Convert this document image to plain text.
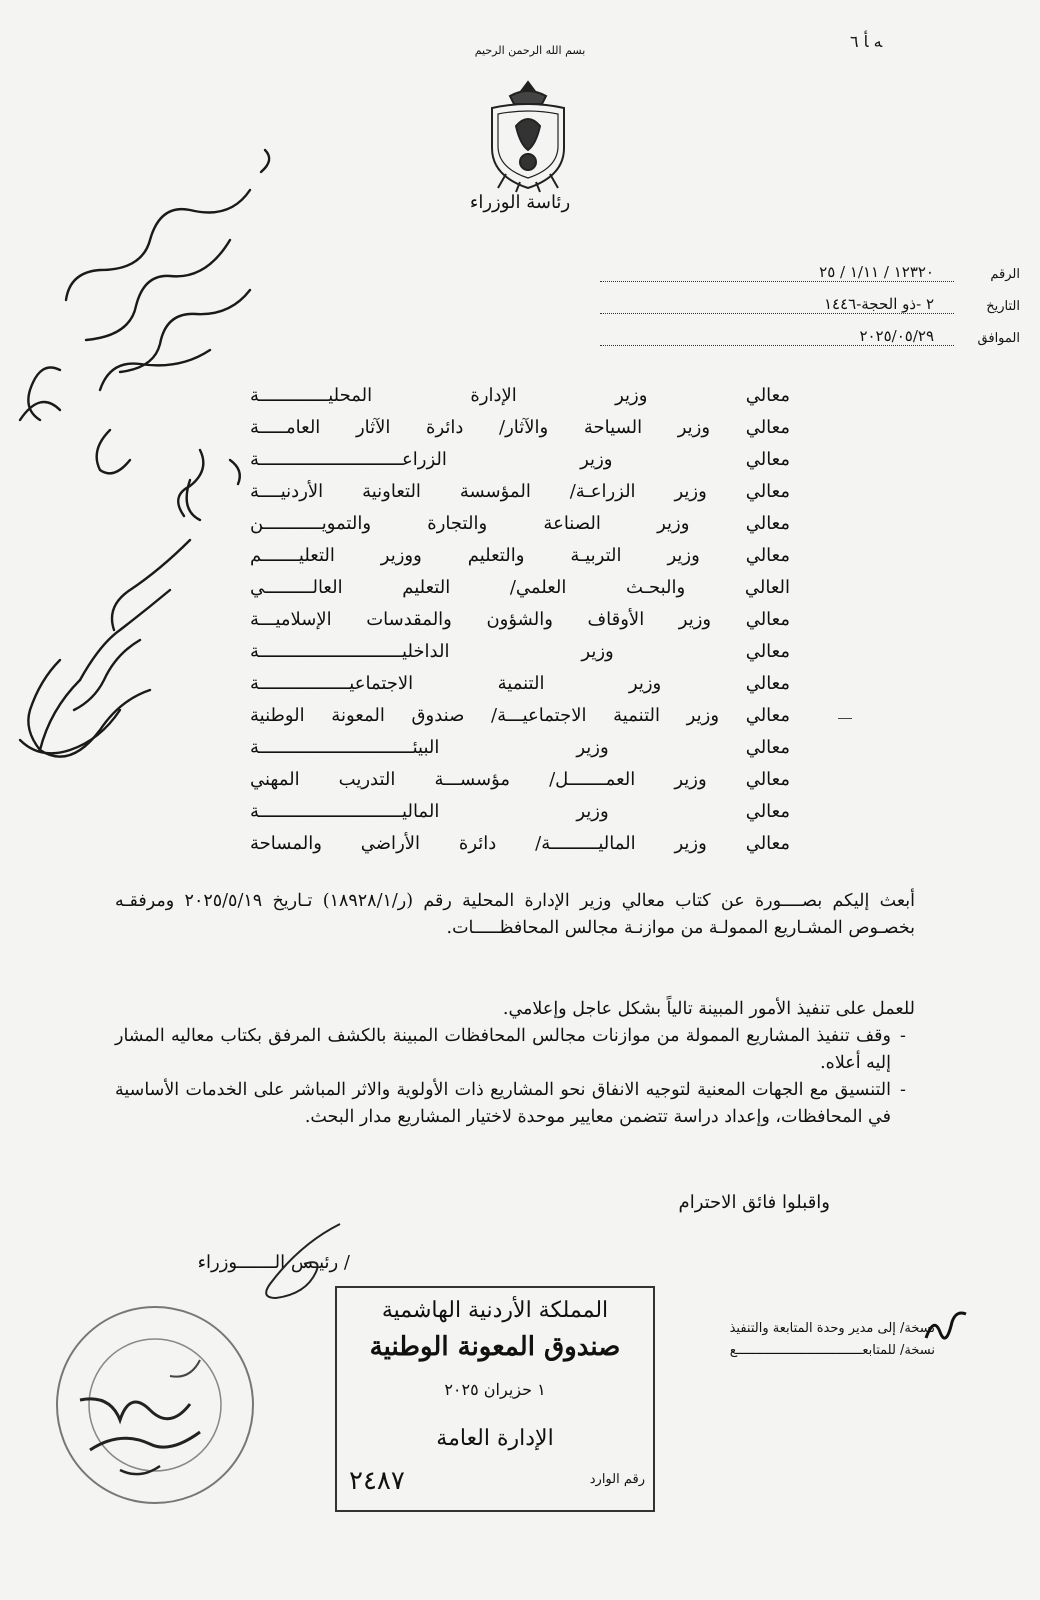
بسم الله الرحمن الرحيم
رئاسة الوزراء
ﻪ ﺄ ٦
الرقم
١٢٣٢٠ / ١/١١ / ٢٥
التاريخ
٢ -ذو الحجة-١٤٤٦
الموافق
٢٠٢٥/٠٥/٢٩
معالي وزير الإدارة المحليـــــــــــــة
معالي وزير السياحة والآثار/ دائرة الآثار العامـــــة
معالي وزير الزراعـــــــــــــــــــــــــــة
معالي وزير الزراعـة/ المؤسسة التعاونية الأردنيــــة
معالي وزير الصناعة والتجارة والتمويـــــــــــن
معالي وزير التربيـة والتعليم ووزير التعليـــــــم
العالي والبحـث العلمي/ التعليم العالـــــــــي
معالي وزير الأوقاف والشؤون والمقدسات الإسلاميـــة
معالي وزير الداخليـــــــــــــــــــــــــــة
معالي وزير التنمية الاجتماعيـــــــــــــــــة
معالي وزير التنمية الاجتماعيـــة/ صندوق المعونة الوطنية
معالي وزير البيئـــــــــــــــــــــــــــــة
معالي وزير العمـــــــل/ مؤسســـة التدريب المهني
معالي وزير الماليـــــــــــــــــــــــــــة
معالي وزير الماليـــــــــة/ دائرة الأراضي والمساحة
أبعث إليكم بصــــورة عن كتاب معالي وزير الإدارة المحلية رقم (ر/١٨٩٢٨/١) تـاريخ ٢٠٢٥/٥/١٩ ومرفقـه بخصـوص المشـاريع الممولـة من موازنـة مجالس المحافظـــــات.
للعمل على تنفيذ الأمور المبينة تالياً بشكل عاجل وإعلامي.
-
وقف تنفيذ المشاريع الممولة من موازنات مجالس المحافظات المبينة بالكشف المرفق بكتاب معاليه المشار إليه أعلاه.
-
التنسيق مع الجهات المعنية لتوجيه الانفاق نحو المشاريع ذات الأولوية والاثر المباشر على الخدمات الأساسية في المحافظات، وإعداد دراسة تتضمن معايير موحدة لاختيار المشاريع مدار البحث.
واقبلوا فائق الاحترام
/ رئيـس الـــــــوزراء
نسخة/ إلى مدير وحدة المتابعة والتنفيذ
نسخة/ للمتابعـــــــــــــــــــــــــــــــــع
المملكة الأردنية الهاشمية
صندوق المعونة الوطنية
١ حزيران ٢٠٢٥
الإدارة العامة
رقم الوارد
٢٤٨٧
